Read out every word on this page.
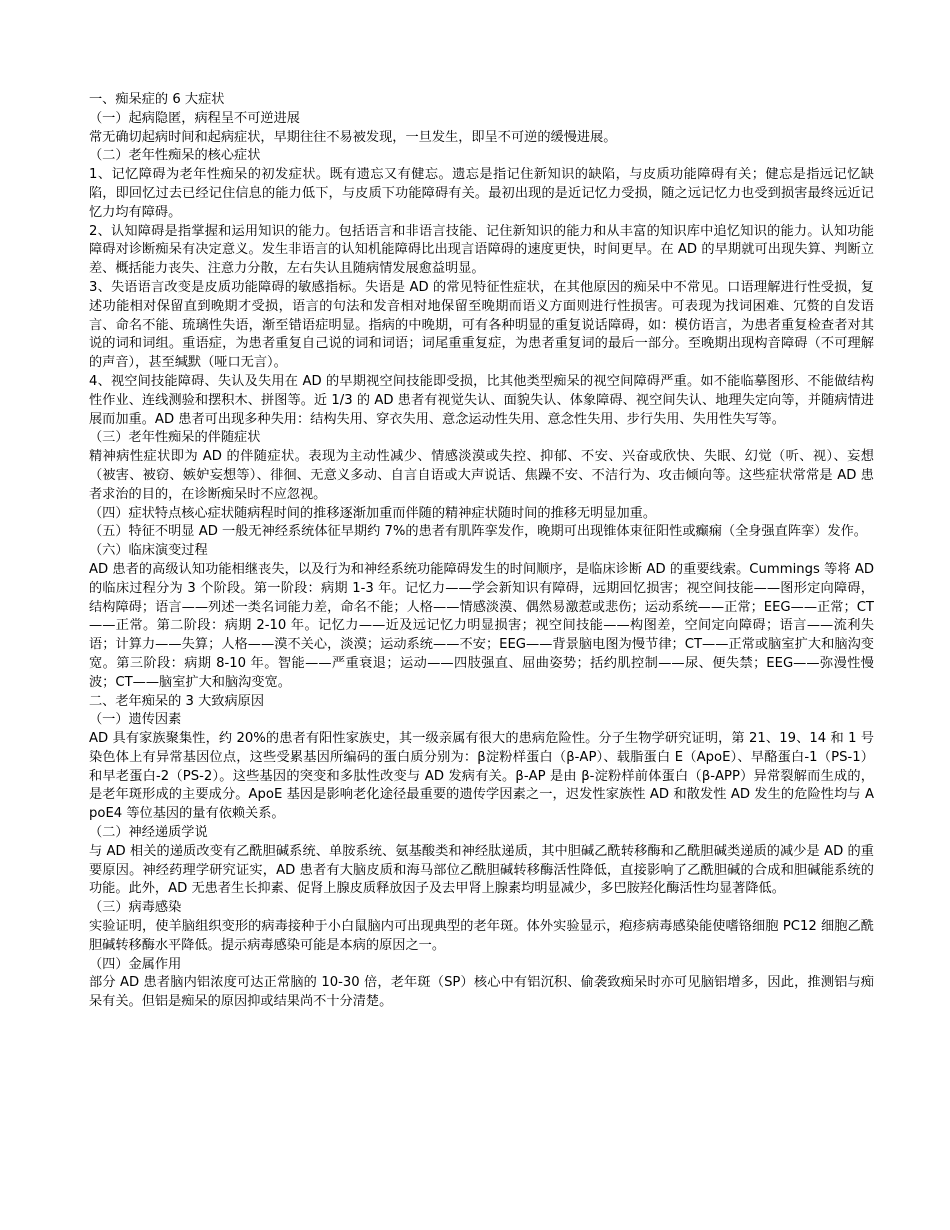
一、痴呆症的 6 大症状

（一）起病隐匿，病程呈不可逆进展

常无确切起病时间和起病症状，早期往往不易被发现，一旦发生，即呈不可逆的缓慢进展。

（二）老年性痴呆的核心症状

1、记忆障碍为老年性痴呆的初发症状。既有遗忘又有健忘。遗忘是指记住新知识的缺陷，与皮质功能障碍有关；健忘是指远记忆缺陷，即回忆过去已经记住信息的能力低下，与皮质下功能障碍有关。最初出现的是近记忆力受损，随之远记忆力也受到损害最终远近记忆力均有障碍。

2、认知障碍是指掌握和运用知识的能力。包括语言和非语言技能、记住新知识的能力和从丰富的知识库中追忆知识的能力。认知功能障碍对诊断痴呆有决定意义。发生非语言的认知机能障碍比出现言语障碍的速度更快，时间更早。在 AD 的早期就可出现失算、判断立差、概括能力丧失、注意力分散，左右失认且随病情发展愈益明显。

3、失语语言改变是皮质功能障碍的敏感指标。失语是 AD 的常见特征性症状，在其他原因的痴呆中不常见。口语理解进行性受损，复述功能相对保留直到晚期才受损，语言的句法和发音相对地保留至晚期而语义方面则进行性损害。可表现为找词困难、冗赘的自发语言、命名不能、琉璃性失语，渐至错语症明显。指病的中晚期，可有各种明显的重复说话障碍，如：模仿语言，为患者重复检查者对其说的词和词组。重语症，为患者重复自己说的词和词语；词尾重重复症，为患者重复词的最后一部分。至晚期出现构音障碍（不可理解的声音），甚至缄默（哑口无言）。

4、视空间技能障碍、失认及失用在 AD 的早期视空间技能即受损，比其他类型痴呆的视空间障碍严重。如不能临摹图形、不能做结构性作业、连线测验和摆积木、拼图等。近 1/3 的 AD 患者有视觉失认、面貌失认、体象障碍、视空间失认、地理失定向等，并随病情进展而加重。AD 患者可出现多种失用：结构失用、穿衣失用、意念运动性失用、意念性失用、步行失用、失用性失写等。

（三）老年性痴呆的伴随症状

精神病性症状即为 AD 的伴随症状。表现为主动性减少、情感淡漠或失控、抑郁、不安、兴奋或欣快、失眠、幻觉（听、视）、妄想（被害、被窃、嫉妒妄想等）、徘徊、无意义多动、自言自语或大声说话、焦躁不安、不洁行为、攻击倾向等。这些症状常常是 AD 患者求治的目的，在诊断痴呆时不应忽视。

（四）症状特点核心症状随病程时间的推移逐渐加重而伴随的精神症状随时间的推移无明显加重。

（五）特征不明显 AD 一般无神经系统体征早期约 7%的患者有肌阵挛发作，晚期可出现锥体束征阳性或癫痫（全身强直阵挛）发作。

（六）临床演变过程

AD 患者的高级认知功能相继丧失，以及行为和神经系统功能障碍发生的时间顺序，是临床诊断 AD 的重要线索。Cummings 等将 AD 的临床过程分为 3 个阶段。第一阶段：病期 1-3 年。记忆力——学会新知识有障碍，远期回忆损害；视空间技能——图形定向障碍，结构障碍；语言——列述一类名词能力差，命名不能；人格——情感淡漠、偶然易激惹或悲伤；运动系统——正常；EEG——正常；CT——正常。第二阶段：病期 2-10 年。记忆力——近及远记忆力明显损害；视空间技能——构图差，空间定向障碍；语言——流利失语；计算力——失算；人格——漠不关心，淡漠；运动系统——不安；EEG——背景脑电图为慢节律；CT——正常或脑室扩大和脑沟变宽。第三阶段：病期 8-10 年。智能——严重衰退；运动——四肢强直、屈曲姿势；括约肌控制——尿、便失禁；EEG——弥漫性慢波；CT——脑室扩大和脑沟变宽。

二、老年痴呆的 3 大致病原因

（一）遗传因素

AD 具有家族聚集性，约 20%的患者有阳性家族史，其一级亲属有很大的患病危险性。分子生物学研究证明，第 21、19、14 和 1 号染色体上有异常基因位点，这些受累基因所编码的蛋白质分别为：β淀粉样蛋白（β-AP）、载脂蛋白 E（ApoE）、早酪蛋白-1（PS-1）和早老蛋白-2（PS-2）。这些基因的突变和多肽性改变与 AD 发病有关。β-AP 是由 β-淀粉样前体蛋白（β-APP）异常裂解而生成的，是老年斑形成的主要成分。ApoE 基因是影响老化途径最重要的遗传学因素之一，迟发性家族性 AD 和散发性 AD 发生的危险性均与 ApoE4 等位基因的量有依赖关系。

（二）神经递质学说

与 AD 相关的递质改变有乙酰胆碱系统、单胺系统、氨基酸类和神经肽递质，其中胆碱乙酰转移酶和乙酰胆碱类递质的减少是 AD 的重要原因。神经药理学研究证实，AD 患者有大脑皮质和海马部位乙酰胆碱转移酶活性降低，直接影响了乙酰胆碱的合成和胆碱能系统的功能。此外，AD 无患者生长抑素、促肾上腺皮质释放因子及去甲肾上腺素均明显减少，多巴胺羟化酶活性均显著降低。

（三）病毒感染

实验证明，使羊脑组织变形的病毒接种于小白鼠脑内可出现典型的老年斑。体外实验显示，疱疹病毒感染能使嗜铬细胞 PC12 细胞乙酰胆碱转移酶水平降低。提示病毒感染可能是本病的原因之一。

（四）金属作用

部分 AD 患者脑内铝浓度可达正常脑的 10-30 倍，老年斑（SP）核心中有铝沉积、偷袭致痴呆时亦可见脑铝增多，因此，推测铝与痴呆有关。但铝是痴呆的原因抑或结果尚不十分清楚。
